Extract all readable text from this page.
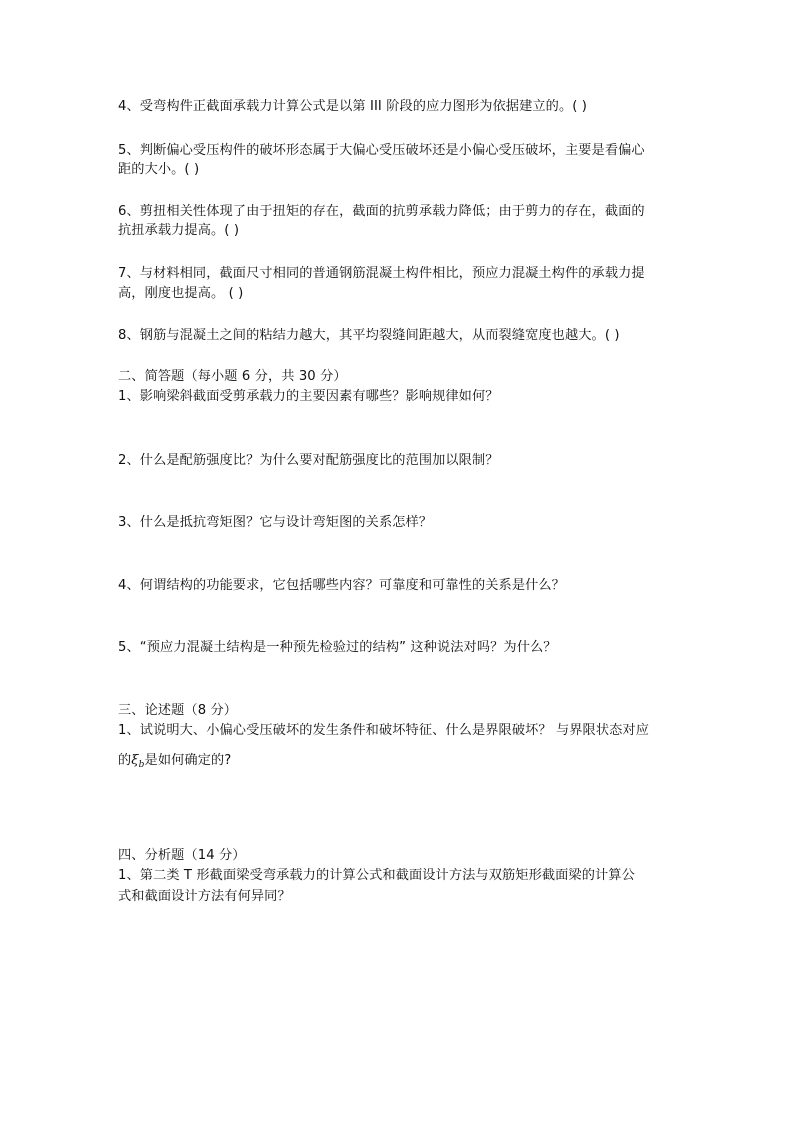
4、受弯构件正截面承载力计算公式是以第 III 阶段的应力图形为依据建立的。( )
5、判断偏心受压构件的破坏形态属于大偏心受压破坏还是小偏心受压破坏，主要是看偏心
距的大小。( )
6、剪扭相关性体现了由于扭矩的存在，截面的抗剪承载力降低；由于剪力的存在，截面的
抗扭承载力提高。( )
7、与材料相同，截面尺寸相同的普通钢筋混凝土构件相比，预应力混凝土构件的承载力提
高，刚度也提高。 ( )
8、钢筋与混凝土之间的粘结力越大，其平均裂缝间距越大，从而裂缝宽度也越大。( )
二、简答题（每小题 6 分，共 30 分）
1、影响梁斜截面受剪承载力的主要因素有哪些？影响规律如何？
2、什么是配筋强度比？为什么要对配筋强度比的范围加以限制？
3、什么是抵抗弯矩图？它与设计弯矩图的关系怎样？
4、何谓结构的功能要求，它包括哪些内容？可靠度和可靠性的关系是什么？
5、“预应力混凝土结构是一种预先检验过的结构” 这种说法对吗？为什么？
三、论述题（8 分）
1、试说明大、小偏心受压破坏的发生条件和破坏特征、什么是界限破坏？ 与界限状态对应
的$\xi_b$是如何确定的?
四、分析题（14 分）
1、第二类 T 形截面梁受弯承载力的计算公式和截面设计方法与双筋矩形截面梁的计算公
式和截面设计方法有何异同？
